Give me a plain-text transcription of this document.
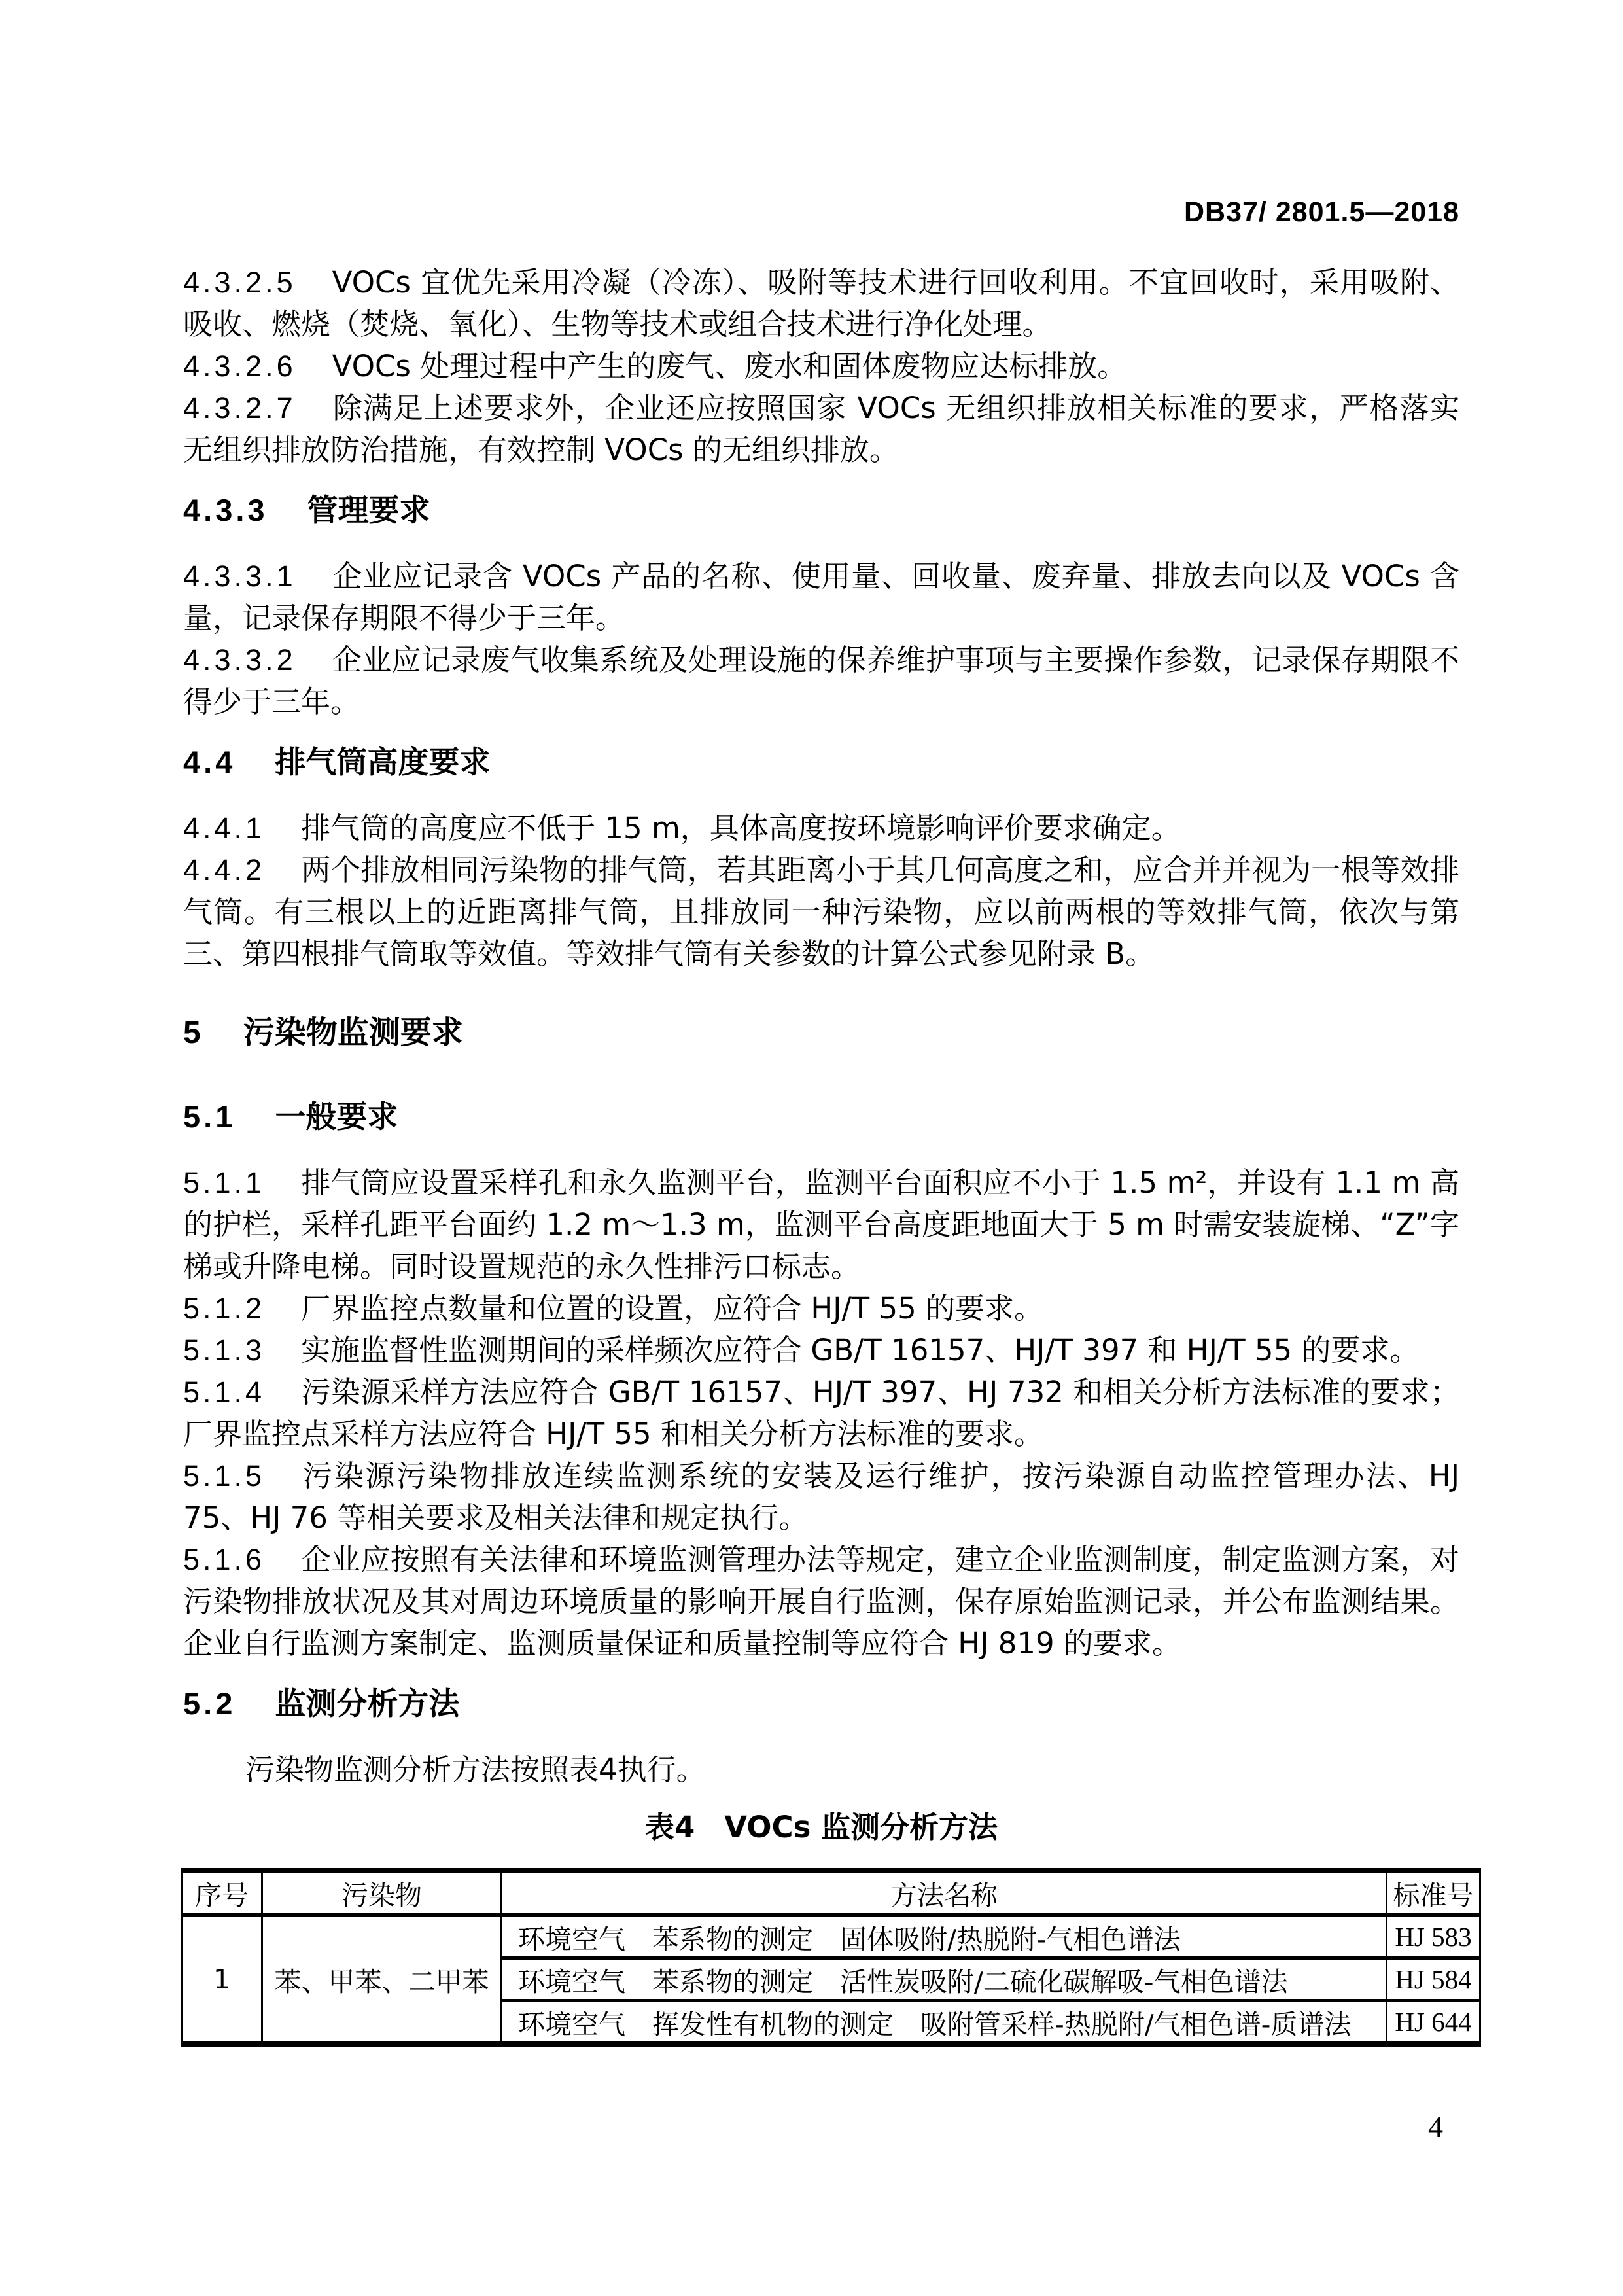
DB37/ 2801.5—2018

4.3.2.5 VOCs 宜优先采用冷凝（冷冻）、吸附等技术进行回收利用。不宜回收时，采用吸附、吸收、燃烧（焚烧、氧化）、生物等技术或组合技术进行净化处理。

4.3.2.6 VOCs 处理过程中产生的废气、废水和固体废物应达标排放。

4.3.2.7 除满足上述要求外，企业还应按照国家 VOCs 无组织排放相关标准的要求，严格落实无组织排放防治措施，有效控制 VOCs 的无组织排放。

4.3.3 管理要求

4.3.3.1 企业应记录含 VOCs 产品的名称、使用量、回收量、废弃量、排放去向以及 VOCs 含量，记录保存期限不得少于三年。

4.3.3.2 企业应记录废气收集系统及处理设施的保养维护事项与主要操作参数，记录保存期限不得少于三年。

4.4 排气筒高度要求

4.4.1 排气筒的高度应不低于 15 m，具体高度按环境影响评价要求确定。

4.4.2 两个排放相同污染物的排气筒，若其距离小于其几何高度之和，应合并并视为一根等效排气筒。有三根以上的近距离排气筒，且排放同一种污染物，应以前两根的等效排气筒，依次与第三、第四根排气筒取等效值。等效排气筒有关参数的计算公式参见附录 B。

5 污染物监测要求
5.1 一般要求

5.1.1 排气筒应设置采样孔和永久监测平台，监测平台面积应不小于 1.5 m²，并设有 1.1 m 高的护栏，采样孔距平台面约 1.2 m～1.3 m，监测平台高度距地面大于 5 m 时需安装旋梯、“Z”字梯或升降电梯。同时设置规范的永久性排污口标志。

5.1.2 厂界监控点数量和位置的设置，应符合 HJ/T 55 的要求。

5.1.3 实施监督性监测期间的采样频次应符合 GB/T 16157、HJ/T 397 和 HJ/T 55 的要求。

5.1.4 污染源采样方法应符合 GB/T 16157、HJ/T 397、HJ 732 和相关分析方法标准的要求；厂界监控点采样方法应符合 HJ/T 55 和相关分析方法标准的要求。

5.1.5 污染源污染物排放连续监测系统的安装及运行维护，按污染源自动监控管理办法、HJ 75、HJ 76 等相关要求及相关法律和规定执行。

5.1.6 企业应按照有关法律和环境监测管理办法等规定，建立企业监测制度，制定监测方案，对污染物排放状况及其对周边环境质量的影响开展自行监测，保存原始监测记录，并公布监测结果。企业自行监测方案制定、监测质量保证和质量控制等应符合 HJ 819 的要求。

5.2 监测分析方法

污染物监测分析方法按照表4执行。

表4　VOCs 监测分析方法
序号	污染物	方法名称	标准号
1	苯、甲苯、二甲苯	环境空气　苯系物的测定　固体吸附/热脱附-气相色谱法	HJ 583
		环境空气　苯系物的测定　活性炭吸附/二硫化碳解吸-气相色谱法	HJ 584
		环境空气　挥发性有机物的测定　吸附管采样-热脱附/气相色谱-质谱法	HJ 644
4
